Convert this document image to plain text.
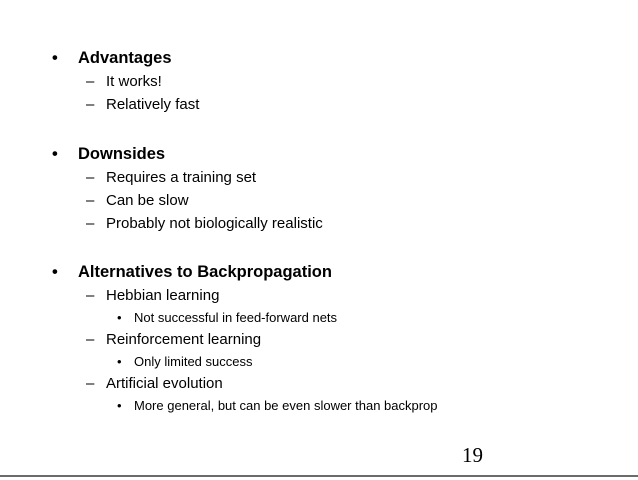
• Advantages
– It works!
– Relatively fast
• Downsides
– Requires a training set
– Can be slow
– Probably not biologically realistic
• Alternatives to Backpropagation
– Hebbian learning
• Not successful in feed-forward nets
– Reinforcement learning
• Only limited success
– Artificial evolution
• More general, but can be even slower than backprop
19
